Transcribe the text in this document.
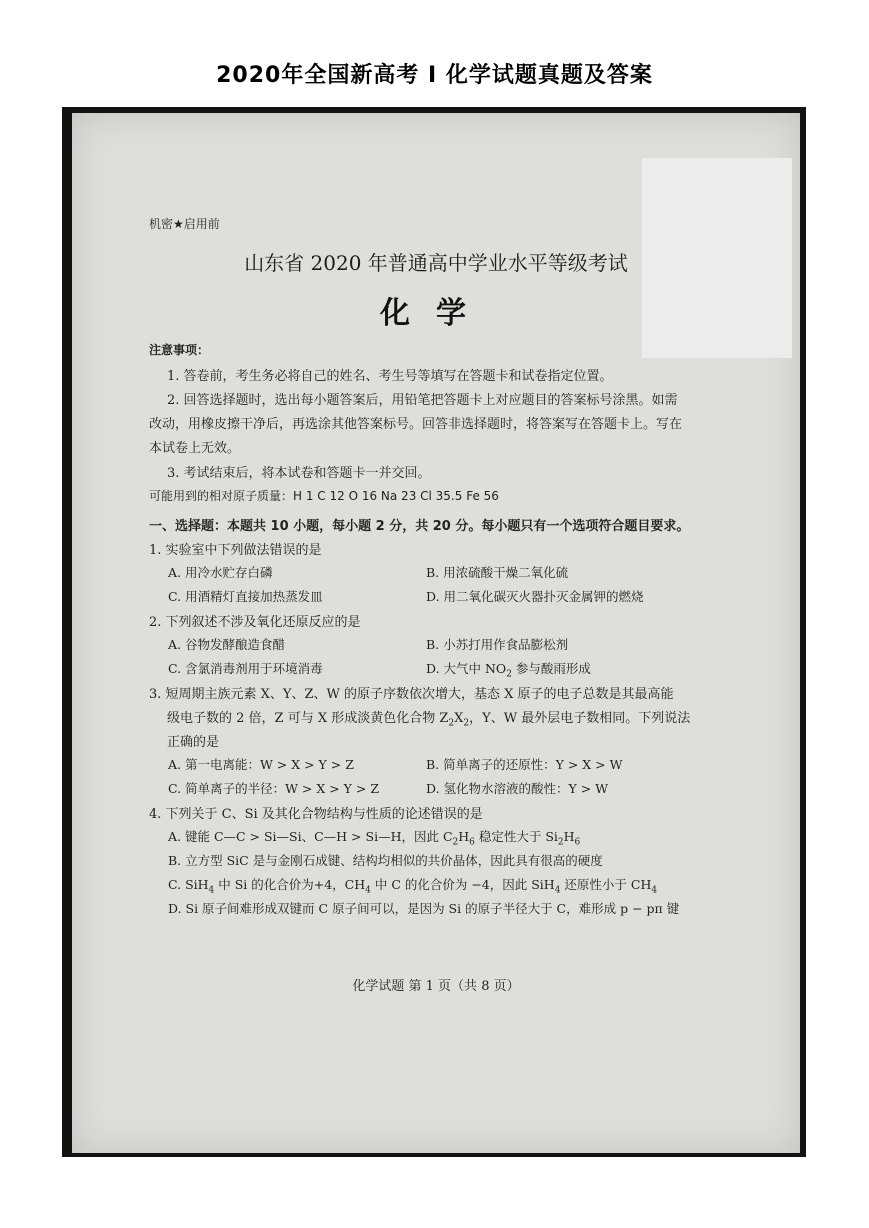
2020年全国新高考 I 化学试题真题及答案
机密★启用前
山东省 2020 年普通高中学业水平等级考试
化学
注意事项：
1. 答卷前，考生务必将自己的姓名、考生号等填写在答题卡和试卷指定位置。
2. 回答选择题时，选出每小题答案后，用铅笔把答题卡上对应题目的答案标号涂黑。如需
改动，用橡皮擦干净后，再选涂其他答案标号。回答非选择题时，将答案写在答题卡上。写在
本试卷上无效。
3. 考试结束后，将本试卷和答题卡一并交回。
可能用到的相对原子质量：H 1 C 12 O 16 Na 23 Cl 35.5 Fe 56
一、选择题：本题共 10 小题，每小题 2 分，共 20 分。每小题只有一个选项符合题目要求。
1. 实验室中下列做法错误的是
A. 用冷水贮存白磷	B. 用浓硫酸干燥二氧化硫
C. 用酒精灯直接加热蒸发皿	D. 用二氧化碳灭火器扑灭金属钾的燃烧
2. 下列叙述不涉及氧化还原反应的是
A. 谷物发酵酿造食醋	B. 小苏打用作食品膨松剂
C. 含氯消毒剂用于环境消毒	D. 大气中 $NO_2$ 参与酸雨形成
3. 短周期主族元素 X、Y、Z、W 的原子序数依次增大，基态 X 原子的电子总数是其最高能
级电子数的 2 倍，Z 可与 X 形成淡黄色化合物 $Z_2X_2$，Y、W 最外层电子数相同。下列说法
正确的是
A. 第一电离能：W > X > Y > Z	B. 简单离子的还原性：Y > X > W
C. 简单离子的半径：W > X > Y > Z	D. 氢化物水溶液的酸性：Y > W
4. 下列关于 C、Si 及其化合物结构与性质的论述错误的是
A. 键能 C—C > Si—Si、C—H > Si—H，因此 $C_2H_6$ 稳定性大于 $Si_2H_6$
B. 立方型 SiC 是与金刚石成键、结构均相似的共价晶体，因此具有很高的硬度
C. SiH$_4$ 中 Si 的化合价为+4，$CH_4$ 中 C 的化合价为 −4，因此 SiH$_4$ 还原性小于 $CH_4$
D. Si 原子间难形成双键而 C 原子间可以，是因为 Si 的原子半径大于 C，难形成 p − pπ 键
化学试题 第 1 页（共 8 页）
